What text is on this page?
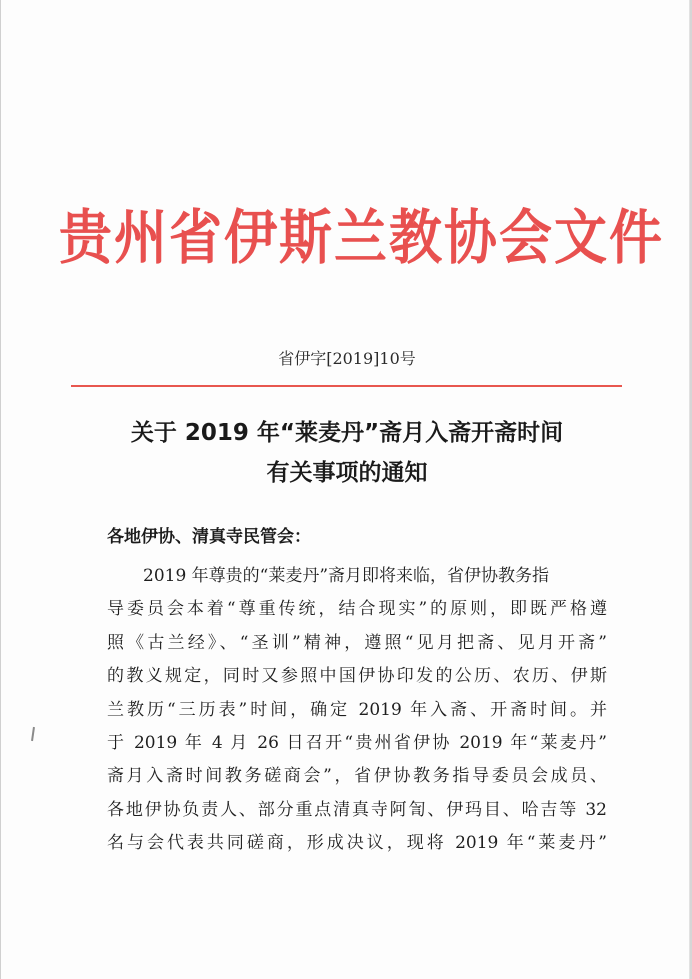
贵州省伊斯兰教协会文件

省伊字[2019]10号

关于 2019 年“莱麦丹”斋月入斋开斋时间
有关事项的通知

各地伊协、清真寺民管会：

2019 年尊贵的“莱麦丹”斋月即将来临，省伊协教务指
导委员会本着“尊重传统，结合现实”的原则，即既严格遵
照《古兰经》、“圣训”精神，遵照“见月把斋、见月开斋”
的教义规定，同时又参照中国伊协印发的公历、农历、伊斯
兰教历“三历表”时间，确定 2019 年入斋、开斋时间。并
于 2019 年 4 月 26 日召开“贵州省伊协 2019 年“莱麦丹”
斋月入斋时间教务磋商会”，省伊协教务指导委员会成员、
各地伊协负责人、部分重点清真寺阿訇、伊玛目、哈吉等 32
名与会代表共同磋商，形成决议，现将 2019 年“莱麦丹”
